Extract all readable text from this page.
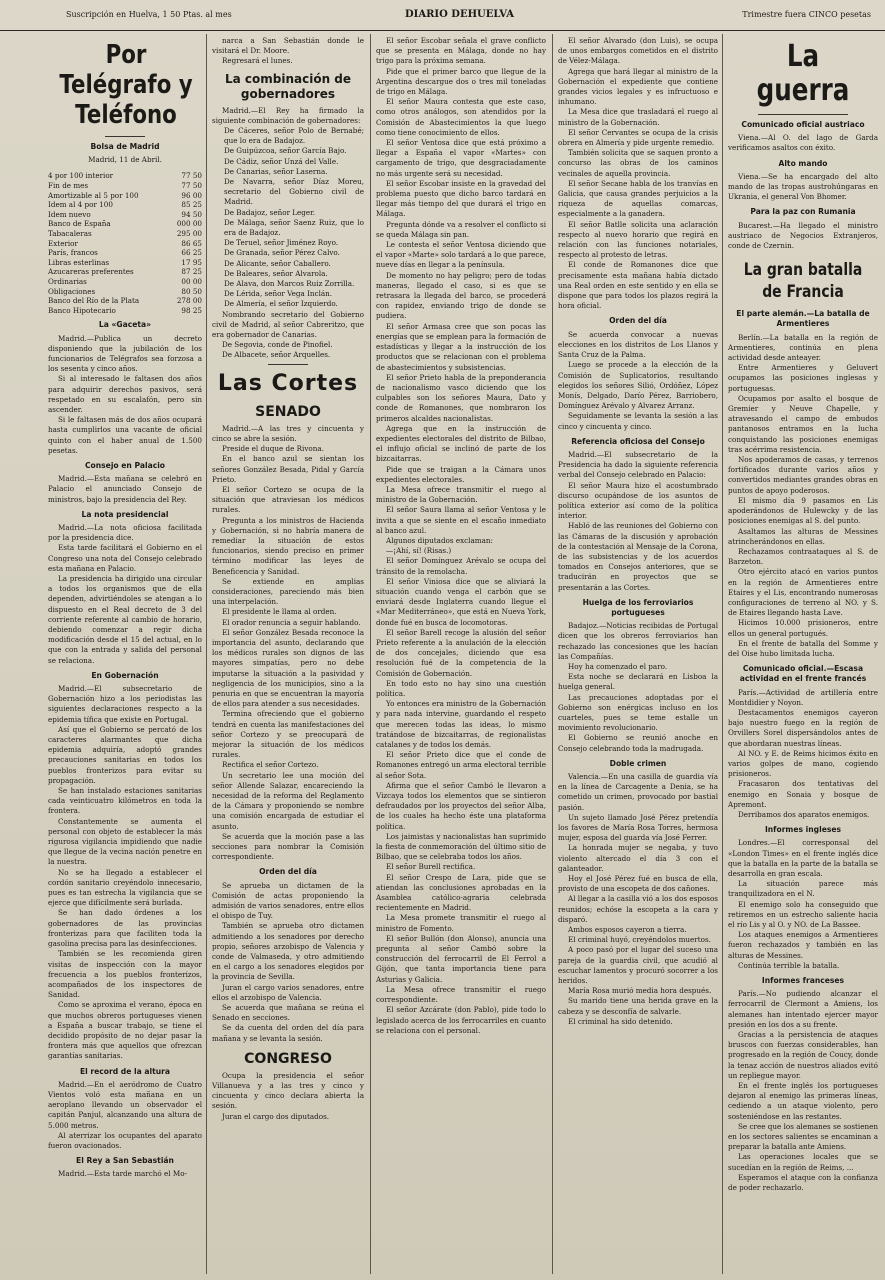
Suscripción en Huelva, 1 50 Ptas. al mes	DIARIO DEHUELVA	Trimestre fuera CINCO pesetas
Por Telégrafo y Teléfono
Bolsa de Madrid
Madrid, 11 de Abril.
4 por 100 interior	77 50
Fin de mes	77 50
Amortizable al 5 por 100	96 00
Idem al 4 por 100	85 25
Idem nuevo	94 50
Banco de España	000 00
Tabacaleras	295 00
Exterior	86 65
París, francos	66 25
Libras esterlinas	17 95
Azucareras preferentes	87 25
Ordinarias	00 00
Obligaciones	80 50
Banco del Río de la Plata	278 00
Banco Hipotecario	98 25
La «Gaceta»

Madrid.—Publica un decreto disponiendo que la jubilación de los funcionarios de Telégrafos sea forzosa a los sesenta y cinco años.

Si al interesado le faltasen dos años para adquirir derechos pasivos, será respetado en su escalafón, pero sin ascender.

Si le faltasen más de dos años ocupará hasta cumplirlos una vacante de oficial quinto con el haber anual de 1.500 pesetas.

Consejo en Palacio

Madrid.—Esta mañana se celebró en Palacio el anunciado Consejo de ministros, bajo la presidencia del Rey.

La nota presidencial

Madrid.—La nota oficiosa facilitada por la presidencia dice.

Esta tarde facilitará el Gobierno en el Congreso una nota del Consejo celebrado esta mañana en Palacio.

La presidencia ha dirigido una circular a todos los organismos que de ella dependen, advirtiéndoles se atengan a lo dispuesto en el Real decreto de 3 del corriente referente al cambio de horario, debiendo comenzar a regir dicha modificación desde el 15 del actual, en lo que con la entrada y salida del personal se relaciona.

En Gobernación

Madrid.—El subsecretario de Gobernación hizo a los periodistas las siguientes declaraciones respecto a la epidemia tífica que existe en Portugal.

Así que el Gobierno se percató de los caracteres alarmantes que dicha epidemia adquiría, adoptó grandes precauciones sanitarias en todos los pueblos fronterizos para evitar su propagación.

Se han instalado estaciones sanitarias cada veinticuatro kilómetros en toda la frontera.

Constantemente se aumenta el personal con objeto de establecer la más rigurosa vigilancia impidiendo que nadie que llegue de la vecina nación penetre en la nuestra.

No se ha llegado a establecer el cordón sanitario creyéndolo innecesario, pues es tan estrecha la vigilancia que se ejerce que difícilmente será burlada.

Se han dado órdenes a los gobernadores de las provincias fronterizas para que faciliten toda la gasolina precisa para las desinfecciones.

También se les recomienda giren visitas de inspección con la mayor frecuencia a los pueblos fronterizos, acompañados de los inspectores de Sanidad.

Como se aproxima el verano, época en que muchos obreros portugueses vienen a España a buscar trabajo, se tiene el decidido propósito de no dejar pasar la frontera más que aquellos que ofrezcan garantías sanitarias.

El record de la altura

Madrid.—En el aeródromo de Cuatro Vientos voló esta mañana en un aeroplano llevando un observador el capitán Panjul, alcanzando una altura de 5.000 metros.

Al aterrizar los ocupantes del aparato fueron ovacionados.

El Rey a San Sebastián

Madrid.—Esta tarde marchó el Mo-

narca a San Sebastián donde le visitará el Dr. Moore.

Regresará el lunes.

La combinación de gobernadores

Madrid.—El Rey ha firmado la siguiente combinación de gobernadores:

De Cáceres, señor Polo de Bernabé; que lo era de Badajoz.

De Guipúzcoa, señor García Bajo.

De Cádiz, señor Unzá del Valle.

De Canarias, señor Laserna.

De Navarra, señor Díaz Moreu, secretario del Gobierno civil de Madrid.

De Badajoz, señor Leger.

De Málaga, señor Saenz Ruiz, que lo era de Badajoz.

De Teruel, señor Jiménez Royo.

De Granada, señor Pérez Calvo.

De Alicante, señor Caballero.

De Baleares, señor Alvarola.

De Alava, don Marcos Ruiz Zorrilla.

De Lérida, señor Vega Inclán.

De Almería, el señor Izquierdo.

Nombrando secretario del Gobierno civil de Madrid, al señor Cabreritzo, que era gobernador de Canarias.

De Segovia, conde de Pinofiel.

De Albacete, señor Arquelles.

Las Cortes
SENADO

Madrid.—A las tres y cincuenta y cinco se abre la sesión.

Preside el duque de Rivona.

En el banco azul se sientan los señores González Besada, Pidal y García Prieto.

El señor Cortezo se ocupa de la situación que atraviesan los médicos rurales.

Pregunta a los ministros de Hacienda y Gobernación, si no habría manera de remediar la situación de estos funcionarios, siendo preciso en primer término modificar las leyes de Beneficencia y Sanidad.

Se extiende en amplias consideraciones, pareciendo más bien una interpelación.

El presidente le llama al orden.

El orador renuncia a seguir hablando.

El señor González Besada reconoce la importancia del asunto, declarando que los médicos rurales son dignos de las mayores simpatías, pero no debe imputarse la situación a la pasividad y negligencia de los municipios, sino a la penuria en que se encuentran la mayoría de ellos para atender a sus necesidades.

Termina ofreciendo que el gobierno tendrá en cuenta las manifestaciones del señor Cortezo y se preocupará de mejorar la situación de los médicos rurales.

Rectifica el señor Cortezo.

Un secretario lee una moción del señor Allende Salazar, encareciendo la necesidad de la reforma del Reglamento de la Cámara y proponiendo se nombre una comisión encargada de estudiar el asunto.

Se acuerda que la moción pase a las secciones para nombrar la Comisión correspondiente.

Orden del día

Se aprueba un dictamen de la Comisión de actas proponiendo la admisión de varios senadores, entre ellos el obispo de Tuy.

También se aprueba otro dictamen admitiendo a los senadores por derecho propio, señores arzobispo de Valencia y conde de Valmaseda, y otro admitiendo en el cargo a los senadores elegidos por la provincia de Sevilla.

Juran el cargo varios senadores, entre ellos el arzobispo de Valencia.

Se acuerda que mañana se reúna el Senado en secciones.

Se da cuenta del orden del día para mañana y se levanta la sesión.

CONGRESO

Ocupa la presidencia el señor Villanueva y a las tres y cinco y cincuenta y cinco declara abierta la sesión.

Juran el cargo dos diputados.

El señor Escobar señala el grave conflicto que se presenta en Málaga, donde no hay trigo para la próxima semana.

Pide que el primer barco que llegue de la Argentina descargue dos o tres mil toneladas de trigo en Málaga.

El señor Maura contesta que este caso, como otros análogos, son atendidos por la Comisión de Abastecimientos la que luego como tiene conocimiento de ellos.

El señor Ventosa dice que está próximo a llegar a España el vapor «Martes» con cargamento de trigo, que desgraciadamente no más urgente será su necesidad.

El señor Escobar insiste en la gravedad del problema puesto que dicho barco tardará en llegar más tiempo del que durará el trigo en Málaga.

Pregunta dónde va a resolver el conflicto si se queda Málaga sin pan.

Le contesta el señor Ventosa diciendo que el vapor «Marte» solo tardará a lo que parece, nueve días en llegar a la península.

De momento no hay peligro; pero de todas maneras, llegado el caso, si es que se retrasara la llegada del barco, se procederá con rapidez, enviando trigo de donde se pudiera.

El señor Armasa cree que son pocas las energías que se emplean para la formación de estadísticas y llegar a la instrucción de los productos que se relacionan con el problema de abastecimientos y subsistencias.

El señor Prieto habla de la preponderancia de nacionalismo vasco diciendo que los culpables son los señores Maura, Dato y conde de Romanones, que nombraron los primeros alcaldes nacionalistas.

Agrega que en la instrucción de expedientes electorales del distrito de Bilbao, el influjo oficial se inclinó de parte de los bizcaitarras.

Pide que se traigan a la Cámara unos expedientes electorales.

La Mesa ofrece transmitir el ruego al ministro de la Gobernación.

El señor Saura llama al señor Ventosa y le invita a que se siente en el escaño inmediato al banco azul.

Algunos diputados exclaman:

—¡Ahí, sí! (Risas.)

El señor Domínguez Arévalo se ocupa del tránsito de la remolacha.

El señor Viniosa dice que se aliviará la situación cuando venga el carbón que se enviará desde Inglaterra cuando llegue el «Mar Mediterráneo», que está en Nueva York, donde fué en busca de locomotoras.

El señor Barell recoge la alusión del señor Prieto referente a la anulación de la elección de dos concejales, diciendo que esa resolución fué de la competencia de la Comisión de Gobernación.

En todo esto no hay sino una cuestión política.

Yo entonces era ministro de la Gobernación y para nada intervine, guardando el respeto que merecen todas las ideas, lo mismo tratándose de bizcaitarras, de regionalistas catalanes y de todos los demás.

El señor Prieto dice que el conde de Romanones entregó un arma electoral terrible al señor Sota.

Afirma que el señor Cambó le llevaron a Vizcaya todos los elementos que se sintieron defraudados por los proyectos del señor Alba, de los cuales ha hecho éste una plataforma política.

Los jaimistas y nacionalistas han suprimido la fiesta de conmemoración del último sitio de Bilbao, que se celebraba todos los años.

El señor Burell rectifica.

El señor Crespo de Lara, pide que se atiendan las conclusiones aprobadas en la Asamblea católico-agraria celebrada recientemente en Madrid.

La Mesa promete transmitir el ruego al ministro de Fomento.

El señor Bullón (don Alonso), anuncia una pregunta al señor Cambó sobre la construcción del ferrocarril de El Ferrol a Gijón, que tanta importancia tiene para Asturias y Galicia.

La Mesa ofrece transmitir el ruego correspondiente.

El señor Azcárate (don Pablo), pide todo lo legislado acerca de los ferrocarriles en cuanto se relaciona con el personal.

El señor Alvarado (don Luis), se ocupa de unos embargos cometidos en el distrito de Vélez-Málaga.

Agrega que hará llegar al ministro de la Gobernación el expediente que contiene grandes vicios legales y es infructuoso e inhumano.

La Mesa dice que trasladará el ruego al ministro de la Gobernación.

El señor Cervantes se ocupa de la crisis obrera en Almería y pide urgente remedio.

También solicita que se saquen pronto a concurso las obras de los caminos vecinales de aquella provincia.

El señor Secane habla de los tranvías en Galicia, que causa grandes perjuicios a la riqueza de aquellas comarcas, especialmente a la ganadera.

El señor Batlle solicita una aclaración respecto al nuevo horario que regirá en relación con las funciones notariales, respecto al protesto de letras.

El conde de Romanones dice que precisamente esta mañana había dictado una Real orden en este sentido y en ella se dispone que para todos los plazos regirá la hora oficial.

Orden del día

Se acuerda convocar a nuevas elecciones en los distritos de Los Llanos y Santa Cruz de la Palma.

Luego se procede a la elección de la Comisión de Suplicatorios, resultando elegidos los señores Silió, Ordóñez, López Monís, Delgado, Darío Pérez, Barriobero, Domínguez Arévalo y Alvarez Arranz.

Seguidamente se levanta la sesión a las cinco y cincuenta y cinco.

Referencia oficiosa del Consejo

Madrid.—El subsecretario de la Presidencia ha dado la siguiente referencia verbal del Consejo celebrado en Palacio:

El señor Maura hizo el acostumbrado discurso ocupándose de los asuntos de política exterior así como de la política interior.

Habló de las reuniones del Gobierno con las Cámaras de la discusión y aprobación de la contestación al Mensaje de la Corona, de las subsistencias y de los acuerdos tomados en Consejos anteriores, que se traducirán en proyectos que se presentarán a las Cortes.

Huelga de los ferroviarios portugueses

Badajoz.—Noticias recibidas de Portugal dicen que los obreros ferroviarios han rechazado las concesiones que les hacían las Compañías.

Hoy ha comenzado el paro.

Esta noche se declarará en Lisboa la huelga general.

Las precauciones adoptadas por el Gobierno son enérgicas incluso en los cuarteles, pues se teme estalle un movimiento revolucionario.

El Gobierno se reunió anoche en Consejo celebrando toda la madrugada.

Doble crimen

Valencia.—En una casilla de guardia vía en la línea de Carcagente a Denia, se ha cometido un crimen, provocado por bastial pasión.

Un sujeto llamado José Pérez pretendía los favores de María Rosa Torres, hermosa mujer, esposa del guarda vía José Ferrer.

La honrada mujer se negaba, y tuvo violento altercado el día 3 con el galanteador.

Hoy el José Pérez fué en busca de ella, provisto de una escopeta de dos cañones.

Al llegar a la casilla vió a los dos esposos reunidos; echóse la escopeta a la cara y disparó.

Ambos esposos cayeron a tierra.

El criminal huyó, creyéndolos muertos.

A poco pasó por el lugar del suceso una pareja de la guardia civil, que acudió al escuchar lamentos y procuró socorrer a los heridos.

María Rosa murió media hora después.

Su marido tiene una herida grave en la cabeza y se desconfía de salvarle.

El criminal ha sido detenido.

La guerra
Comunicado oficial austriaco

Viena.—Al O. del lago de Garda verificamos asaltos con éxito.

Alto mando

Viena.—Se ha encargado del alto mando de las tropas austrohúngaras en Ukrania, el general Von Bhomer.

Para la paz con Rumania

Bucarest.—Ha llegado el ministro austriaco de Negocios Extranjeros, conde de Czernin.

La gran batalla de Francia
El parte alemán.—La batalla de Armentieres

Berlín.—La batalla en la región de Armentieres, continúa en plena actividad desde anteayer.

Entre Armentieres y Geluvert ocupamos las posiciones inglesas y portuguesas.

Ocupamos por asalto el bosque de Gremier y Neuve Chapelle, y atravesando el campo de embudos pantanosos entramos en la lucha conquistando las posiciones enemigas tras acérrima resistencia.

Nos apoderamos de casas, y terrenos fortificados durante varios años y convertidos mediantes grandes obras en puntos de apoyo poderosos.

El mismo día 9 pasamos en Lis apoderándonos de Hulewcky y de las posiciones enemigas al S. del punto.

Asaltamos las alturas de Messines atrincherándonos en ellas.

Rechazamos contraataques al S. de Barzeton.

Otro ejército atacó en varios puntos en la región de Armentieres entre Etaires y el Lis, encontrando numerosas configuraciones de terreno al NO. y S. de Etaires llegando hasta Lave.

Hicimos 10.000 prisioneros, entre ellos un general portugués.

En el frente de batalla del Somme y del Oise hubo limitada lucha.

Comunicado oficial.—Escasa actividad en el frente francés

París.—Actividad de artillería entre Montdidier y Noyon.

Destacamentos enemigos cayeron bajo nuestro fuego en la región de Orvillers Sorel dispersándolos antes de que abordaran nuestras líneas.

Al NO. y E. de Reims hicimos éxito en varios golpes de mano, cogiendo prisioneros.

Fracasaron dos tentativas del enemigo en Sonaia y bosque de Apremont.

Derribamos dos aparatos enemigos.

Informes ingleses

Londres.—El corresponsal del «London Times» en el frente inglés dice que la batalla en la parte de la batalla se desarrolla en gran escala.

La situación parece más tranquilizadora en el N.

El enemigo solo ha conseguido que retiremos en un estrecho saliente hacia el río Lis y al O. y NO. de La Bassee.

Los ataques enemigos a Armentieres fueron rechazados y también en las alturas de Messines.

Continúa terrible la batalla.

Informes franceses

París.—No pudiendo alcanzar el ferrocarril de Clermont a Amiens, los alemanes han intentado ejercer mayor presión en los dos a su frente.

Gracias a la persistencia de ataques bruscos con fuerzas considerables, han progresado en la región de Coucy, donde la tenaz acción de nuestros aliados evitó un repliegue mayor.

En el frente inglés los portugueses dejaron al enemigo las primeras líneas, cediendo a un ataque violento, pero sosteniéndose en las restantes.

Se cree que los alemanes se sostienen en los sectores salientes se encaminan a preparar la batalla ante Amiens.

Las operaciones locales que se sucedían en la región de Reims, ...

Esperamos el ataque con la confianza de poder rechazarlo.
